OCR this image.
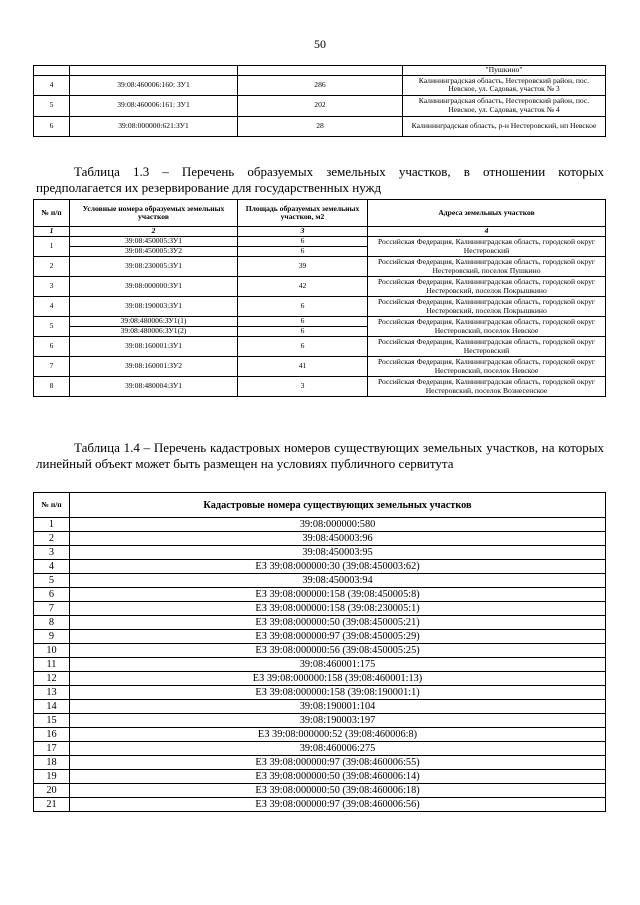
50
			"Пушкино"
4	39:08:460006:160: ЗУ1	286	Калининградская область, Нестеровский район, пос. Невское, ул. Садовая, участок № 3
5	39:08:460006:161: ЗУ1	202	Калининградская область, Нестеровский район, пос. Невское, ул. Садовая, участок № 4
6	39:08:000000:621:ЗУ1	28	Калининградская область, р-н Нестеровский, нп Невское

Таблица 1.3 – Перечень образуемых земельных участков, в отношении которых предполагается их резервирование для государственных нужд

№ п/п	Условные номера образуемых земельных участков	Площадь образуемых земельных участков, м2	Адреса земельных участков
1	2	3	4
1	39:08:450005:ЗУ1	6	Российская Федерация, Калининградская область, городской округ Нестеровский
	39:08:450005:ЗУ2	6	
2	39:08:230005:ЗУ1	39	Российская Федерация, Калининградская область, городской округ Нестеровский, поселок Пушкино
3	39:08:000000:ЗУ1	42	Российская Федерация, Калининградская область, городской округ Нестеровский, поселок Покрышкино
4	39:08:190003:ЗУ1	6	Российская Федерация, Калининградская область, городской округ Нестеровский, поселок Покрышкино
5	39:08:480006:ЗУ1(1)	6	Российская Федерация, Калининградская область, городской округ Нестеровский, поселок Невское
	39:08:480006:ЗУ1(2)	6	
6	39:08:160001:ЗУ1	6	Российская Федерация, Калининградская область, городской округ Нестеровский
7	39:08:160001:ЗУ2	41	Российская Федерация, Калининградская область, городской округ Нестеровский, поселок Невское
8	39:08:480004:ЗУ1	3	Российская Федерация, Калининградская область, городской округ Нестеровский, поселок Вознесенское

Таблица 1.4 – Перечень кадастровых номеров существующих земельных участков, на которых линейный объект может быть размещен на условиях публичного сервитута

№ п/п	Кадастровые номера существующих земельных участков
1	39:08:000000:580
2	39:08:450003:96
3	39:08:450003:95
4	ЕЗ 39:08:000000:30 (39:08:450003:62)
5	39:08:450003:94
6	ЕЗ 39:08:000000:158 (39:08:450005:8)
7	ЕЗ 39:08:000000:158 (39:08:230005:1)
8	ЕЗ 39:08:000000:50 (39:08:450005:21)
9	ЕЗ 39:08:000000:97 (39:08:450005:29)
10	ЕЗ 39:08:000000:56 (39:08:450005:25)
11	39:08:460001:175
12	ЕЗ 39:08:000000:158 (39:08:460001:13)
13	ЕЗ 39:08:000000:158 (39:08:190001:1)
14	39:08:190001:104
15	39:08:190003:197
16	ЕЗ 39:08:000000:52 (39:08:460006:8)
17	39:08:460006:275
18	ЕЗ 39:08:000000:97 (39:08:460006:55)
19	ЕЗ 39:08:000000:50 (39:08:460006:14)
20	ЕЗ 39:08:000000:50 (39:08:460006:18)
21	ЕЗ 39:08:000000:97 (39:08:460006:56)
